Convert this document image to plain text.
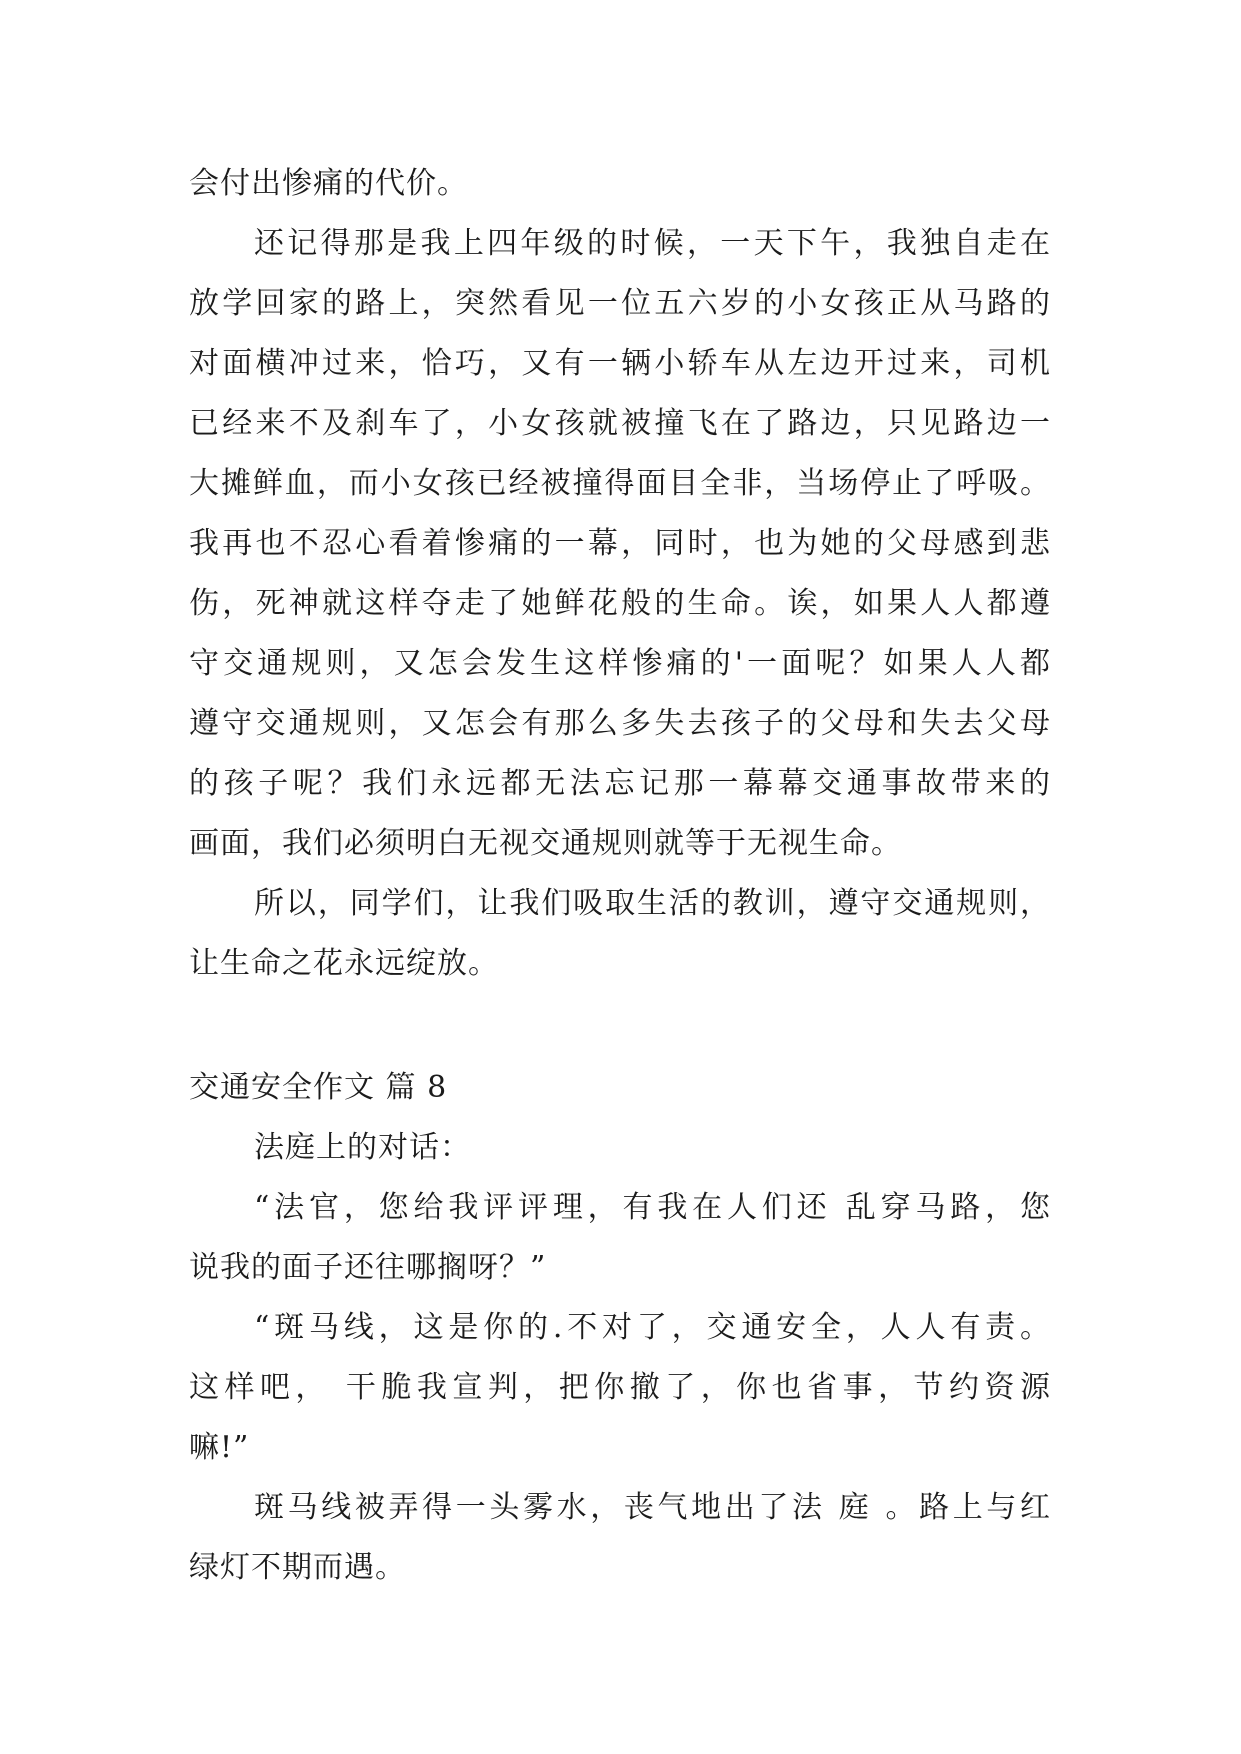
会付出惨痛的代价。
还记得那是我上四年级的时候，一天下午，我独自走在
放学回家的路上，突然看见一位五六岁的小女孩正从马路的
对面横冲过来，恰巧，又有一辆小轿车从左边开过来，司机
已经来不及刹车了，小女孩就被撞飞在了路边，只见路边一
大摊鲜血，而小女孩已经被撞得面目全非，当场停止了呼吸。
我再也不忍心看着惨痛的一幕，同时，也为她的父母感到悲
伤，死神就这样夺走了她鲜花般的生命。诶，如果人人都遵
守交通规则，又怎会发生这样惨痛的'一面呢？如果人人都
遵守交通规则，又怎会有那么多失去孩子的父母和失去父母
的孩子呢？我们永远都无法忘记那一幕幕交通事故带来的
画面，我们必须明白无视交通规则就等于无视生命。
所以，同学们，让我们吸取生活的教训，遵守交通规则，
让生命之花永远绽放。
交通安全作文 篇 8
法庭上的对话：
“法官，您给我评评理，有我在人们还 乱穿马路，您
说我的面子还往哪搁呀？”
“斑马线，这是你的.不对了，交通安全，人人有责。
这样吧， 干脆我宣判，把你撤了，你也省事，节约资源
嘛!”
斑马线被弄得一头雾水，丧气地出了法 庭 。路上与红
绿灯不期而遇。
